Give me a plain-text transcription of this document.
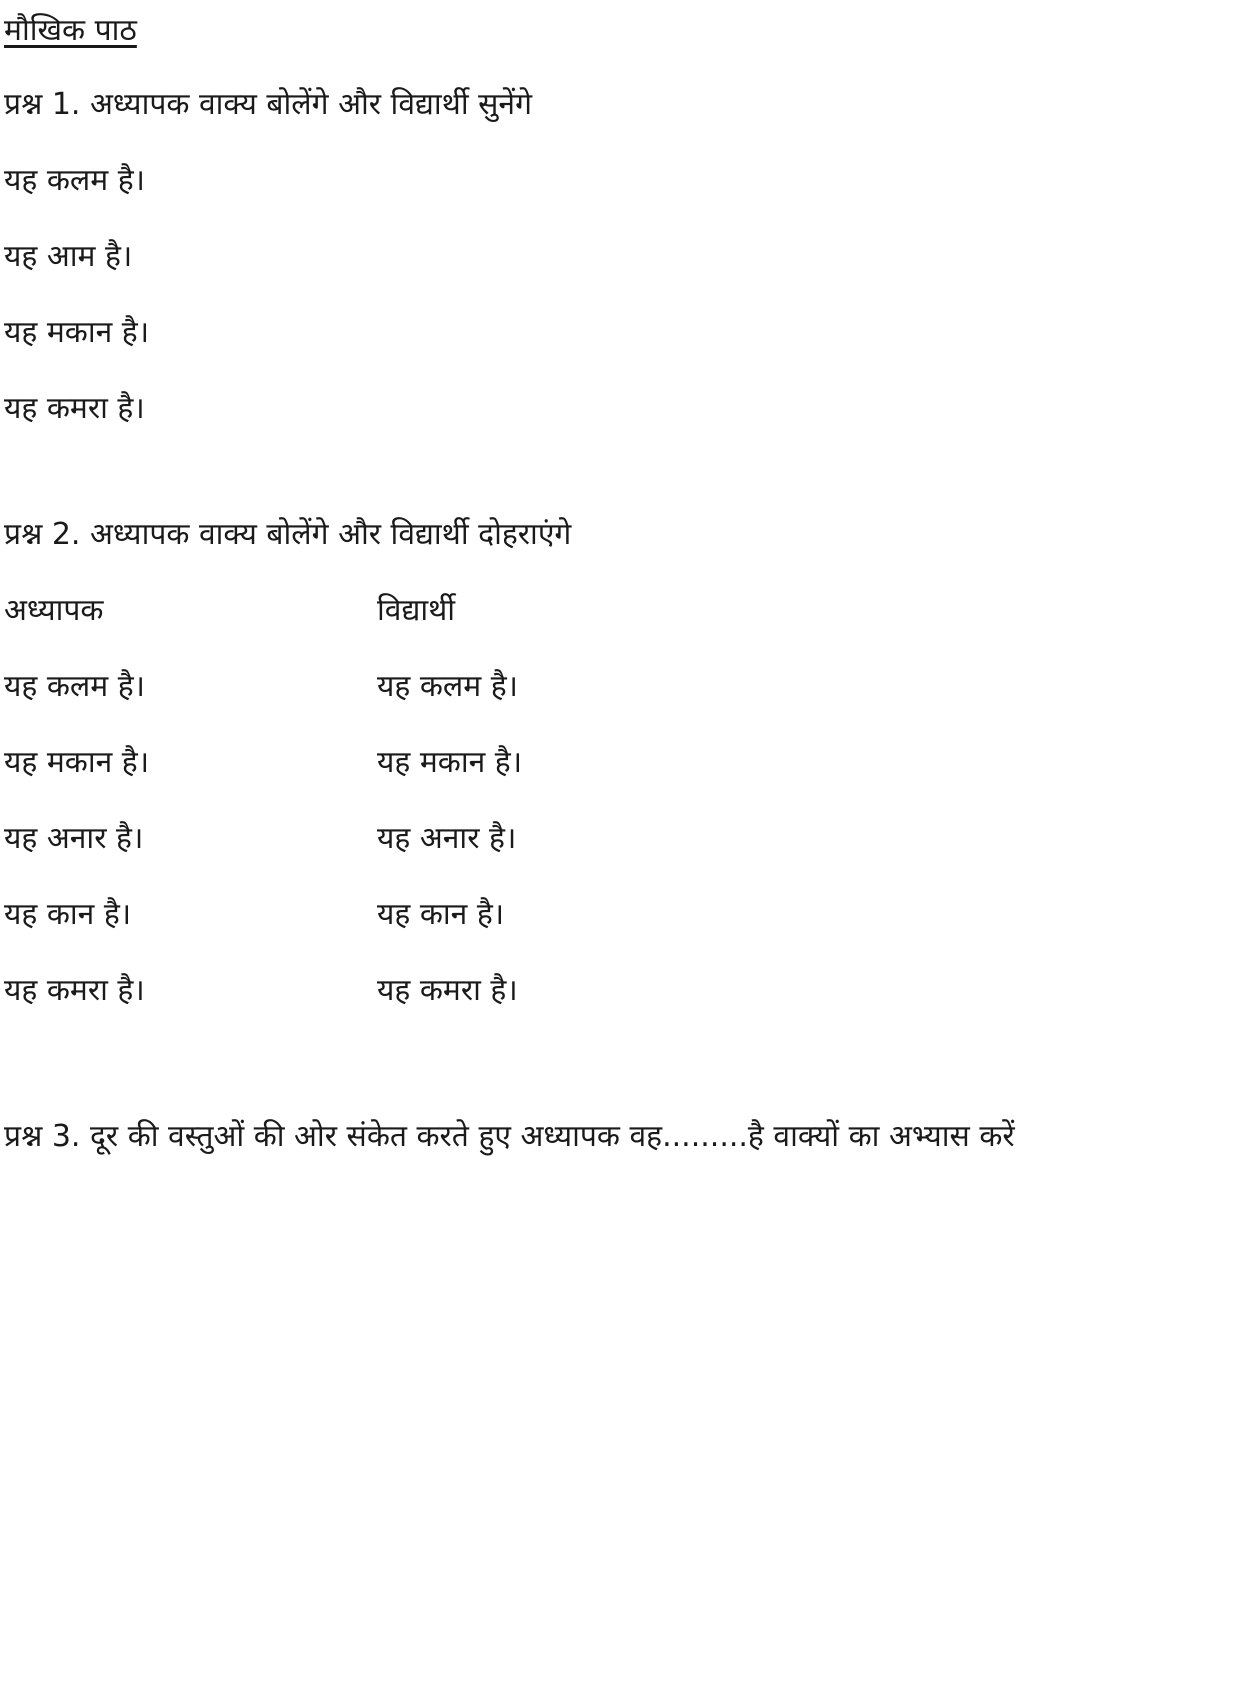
मौखिक पाठ
प्रश्न 1. अध्यापक वाक्य बोलेंगे और विद्यार्थी सुनेंगे
यह कलम है।
यह आम है।
यह मकान है।
यह कमरा है।
प्रश्न 2. अध्यापक वाक्य बोलेंगे और विद्यार्थी दोहराएंगे
अध्यापक	विद्यार्थी
यह कलम है।	यह कलम है।
यह मकान है।	यह मकान है।
यह अनार है।	यह अनार है।
यह कान है।	यह कान है।
यह कमरा है।	यह कमरा है।
प्रश्न 3. दूर की वस्तुओं की ओर संकेत करते हुए अध्यापक वह.........है वाक्यों का अभ्यास करें
